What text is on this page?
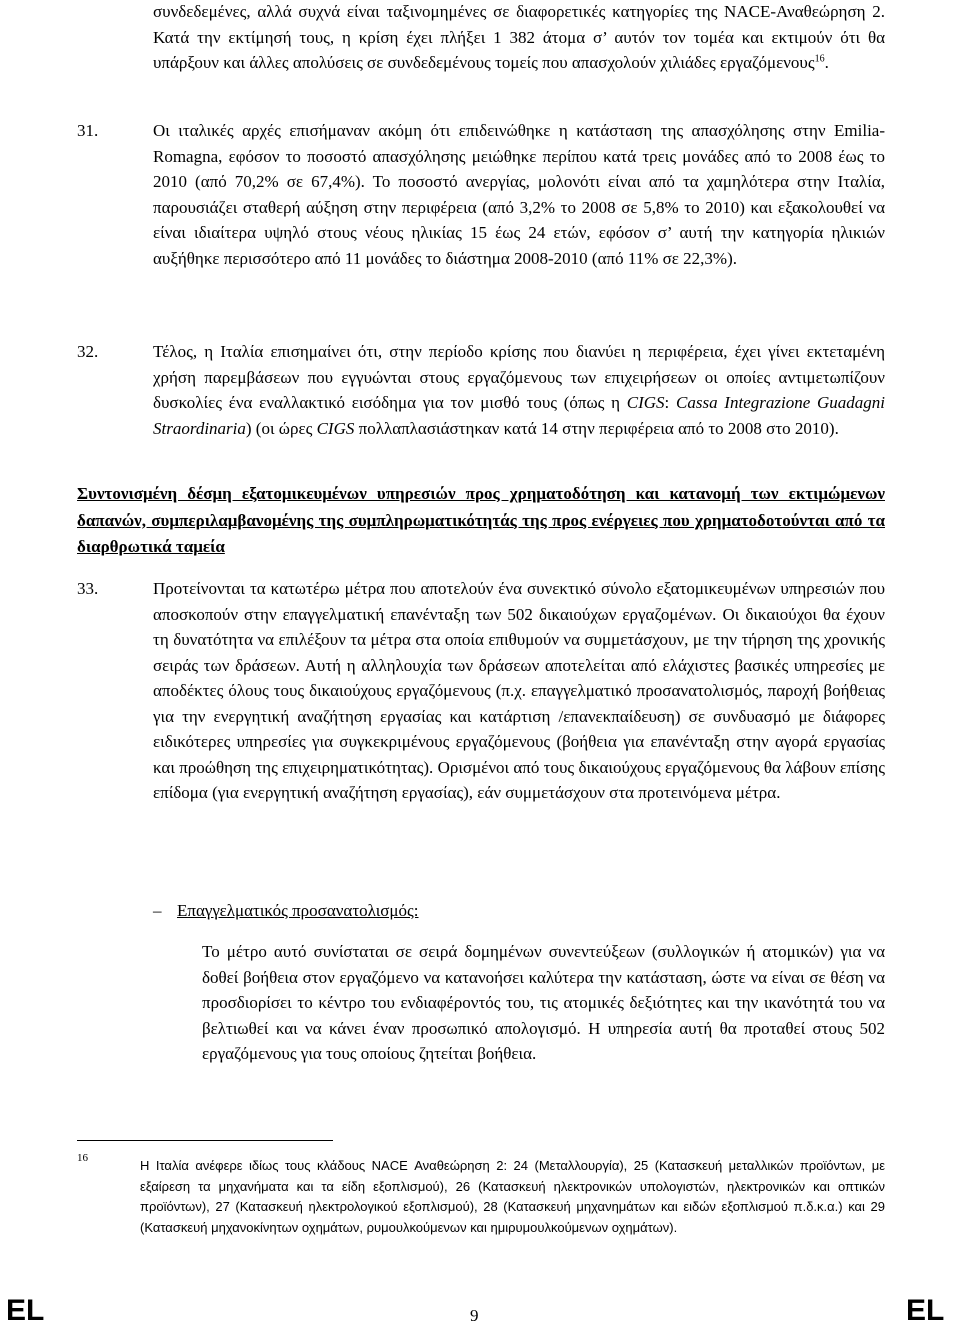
συνδεδεμένες, αλλά συχνά είναι ταξινομημένες σε διαφορετικές κατηγορίες της NACE-Αναθεώρηση 2. Κατά την εκτίμησή τους, η κρίση έχει πλήξει 1 382 άτομα σ’ αυτόν τον τομέα και εκτιμούν ότι θα υπάρξουν και άλλες απολύσεις σε συνδεδεμένους τομείς που απασχολούν χιλιάδες εργαζόμενους$^{16}$.

31.	Οι ιταλικές αρχές επισήμαναν ακόμη ότι επιδεινώθηκε η κατάσταση της απασχόλησης στην Emilia-Romagna, εφόσον το ποσοστό απασχόλησης μειώθηκε περίπου κατά τρεις μονάδες από το 2008 έως το 2010 (από 70,2% σε 67,4%). Το ποσοστό ανεργίας, μολονότι είναι από τα χαμηλότερα στην Ιταλία, παρουσιάζει σταθερή αύξηση στην περιφέρεια (από 3,2% το 2008 σε 5,8% το 2010) και εξακολουθεί να είναι ιδιαίτερα υψηλό στους νέους ηλικίας 15 έως 24 ετών, εφόσον σ’ αυτή την κατηγορία ηλικιών αυξήθηκε περισσότερο από 11 μονάδες το διάστημα 2008-2010 (από 11% σε 22,3%).

32.	Τέλος, η Ιταλία επισημαίνει ότι, στην περίοδο κρίσης που διανύει η περιφέρεια, έχει γίνει εκτεταμένη χρήση παρεμβάσεων που εγγυώνται στους εργαζόμενους των επιχειρήσεων οι οποίες αντιμετωπίζουν δυσκολίες ένα εναλλακτικό εισόδημα για τον μισθό τους (όπως η CIGS: Cassa Integrazione Guadagni Straordinaria) (οι ώρες CIGS πολλαπλασιάστηκαν κατά 14 στην περιφέρεια από το 2008 στο 2010).

Συντονισμένη δέσμη εξατομικευμένων υπηρεσιών προς χρηματοδότηση και κατανομή των εκτιμώμενων δαπανών, συμπεριλαμβανομένης της συμπληρωματικότητάς της προς ενέργειες που χρηματοδοτούνται από τα διαρθρωτικά ταμεία

33.	Προτείνονται τα κατωτέρω μέτρα που αποτελούν ένα συνεκτικό σύνολο εξατομικευμένων υπηρεσιών που αποσκοπούν στην επαγγελματική επανένταξη των 502 δικαιούχων εργαζομένων. Οι δικαιούχοι θα έχουν τη δυνατότητα να επιλέξουν τα μέτρα στα οποία επιθυμούν να συμμετάσχουν, με την τήρηση της χρονικής σειράς των δράσεων. Αυτή η αλληλουχία των δράσεων αποτελείται από ελάχιστες βασικές υπηρεσίες με αποδέκτες όλους τους δικαιούχους εργαζόμενους (π.χ. επαγγελματικό προσανατολισμός, παροχή βοήθειας για την ενεργητική αναζήτηση εργασίας και κατάρτιση /επανεκπαίδευση) σε συνδυασμό με διάφορες ειδικότερες υπηρεσίες για συγκεκριμένους εργαζόμενους (βοήθεια για επανένταξη στην αγορά εργασίας και προώθηση της επιχειρηματικότητας). Ορισμένοι από τους δικαιούχους εργαζόμενους θα λάβουν επίσης επίδομα (για ενεργητική αναζήτηση εργασίας), εάν συμμετάσχουν στα προτεινόμενα μέτρα.

– Επαγγελματικός προσανατολισμός:

Το μέτρο αυτό συνίσταται σε σειρά δομημένων συνεντεύξεων (συλλογικών ή ατομικών) για να δοθεί βοήθεια στον εργαζόμενο να κατανοήσει καλύτερα την κατάσταση, ώστε να είναι σε θέση να προσδιορίσει το κέντρο του ενδιαφέροντός του, τις ατομικές δεξιότητες και την ικανότητά του να βελτιωθεί και να κάνει έναν προσωπικό απολογισμό. Η υπηρεσία αυτή θα προταθεί στους 502 εργαζόμενους για τους οποίους ζητείται βοήθεια.

16	Η Ιταλία ανέφερε ιδίως τους κλάδους NACE Αναθεώρηση 2: 24 (Μεταλλουργία), 25 (Κατασκευή μεταλλικών προϊόντων, με εξαίρεση τα μηχανήματα και τα είδη εξοπλισμού), 26 (Κατασκευή ηλεκτρονικών υπολογιστών, ηλεκτρονικών και οπτικών προϊόντων), 27 (Κατασκευή ηλεκτρολογικού εξοπλισμού), 28 (Κατασκευή μηχανημάτων και ειδών εξοπλισμού π.δ.κ.α.) και 29 (Κατασκευή μηχανοκίνητων οχημάτων, ρυμουλκούμενων και ημιρυμουλκούμενων οχημάτων).

EL	9	EL
